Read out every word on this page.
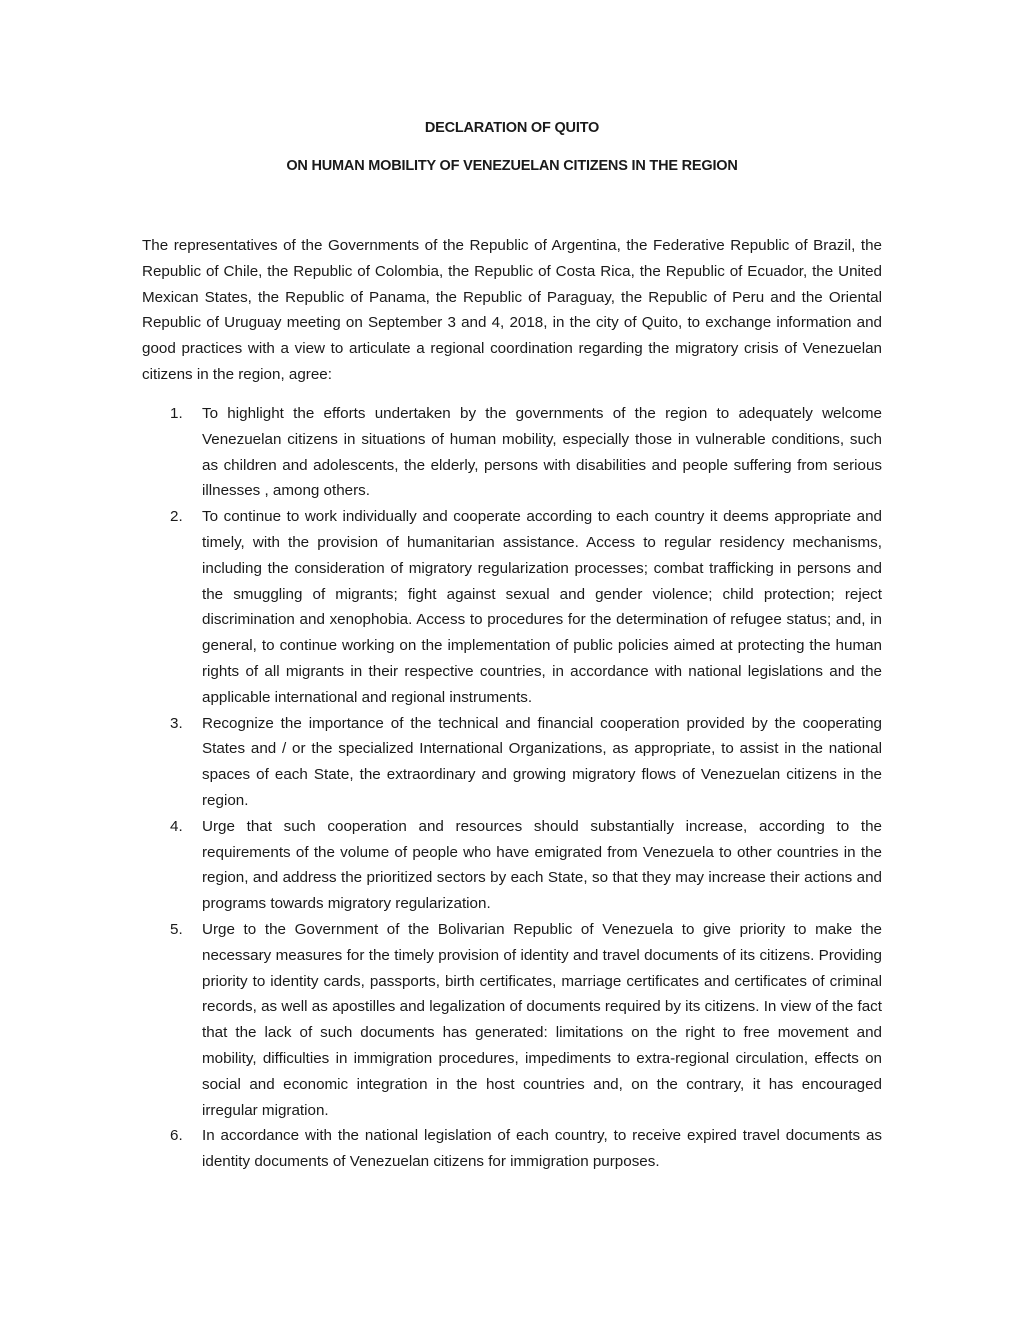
DECLARATION OF QUITO
ON HUMAN MOBILITY OF VENEZUELAN CITIZENS IN THE REGION

The representatives of the Governments of the Republic of Argentina, the Federative Republic of Brazil, the Republic of Chile, the Republic of Colombia, the Republic of Costa Rica, the Republic of Ecuador, the United Mexican States, the Republic of Panama, the Republic of Paraguay, the Republic of Peru and the Oriental Republic of Uruguay meeting on September 3 and 4, 2018, in the city of Quito, to exchange information and good practices with a view to articulate a regional coordination regarding the migratory crisis of Venezuelan citizens in the region, agree:

1.	To highlight the efforts undertaken by the governments of the region to adequately welcome Venezuelan citizens in situations of human mobility, especially those in vulnerable conditions, such as children and adolescents, the elderly, persons with disabilities and people suffering from serious illnesses , among others.
2.	To continue to work individually and cooperate according to each country it deems appropriate and timely, with the provision of humanitarian assistance. Access to regular residency mechanisms, including the consideration of migratory regularization processes; combat trafficking in persons and the smuggling of migrants; fight against sexual and gender violence; child protection; reject discrimination and xenophobia. Access to procedures for the determination of refugee status; and, in general, to continue working on the implementation of public policies aimed at protecting the human rights of all migrants in their respective countries, in accordance with national legislations and the applicable international and regional instruments.
3.	Recognize the importance of the technical and financial cooperation provided by the cooperating States and / or the specialized International Organizations, as appropriate, to assist in the national spaces of each State, the extraordinary and growing migratory flows of Venezuelan citizens in the region.
4.	Urge that such cooperation and resources should substantially increase, according to the requirements of the volume of people who have emigrated from Venezuela to other countries in the region, and address the prioritized sectors by each State, so that they may increase their actions and programs towards migratory regularization.
5.	Urge to the Government of the Bolivarian Republic of Venezuela to give priority to make the necessary measures for the timely provision of identity and travel documents of its citizens. Providing priority to identity cards, passports, birth certificates, marriage certificates and certificates of criminal records, as well as apostilles and legalization of documents required by its citizens. In view of the fact that the lack of such documents has generated: limitations on the right to free movement and mobility, difficulties in immigration procedures, impediments to extra-regional circulation, effects on social and economic integration in the host countries and, on the contrary, it has encouraged irregular migration.
6.	In accordance with the national legislation of each country, to receive expired travel documents as identity documents of Venezuelan citizens for immigration purposes.
